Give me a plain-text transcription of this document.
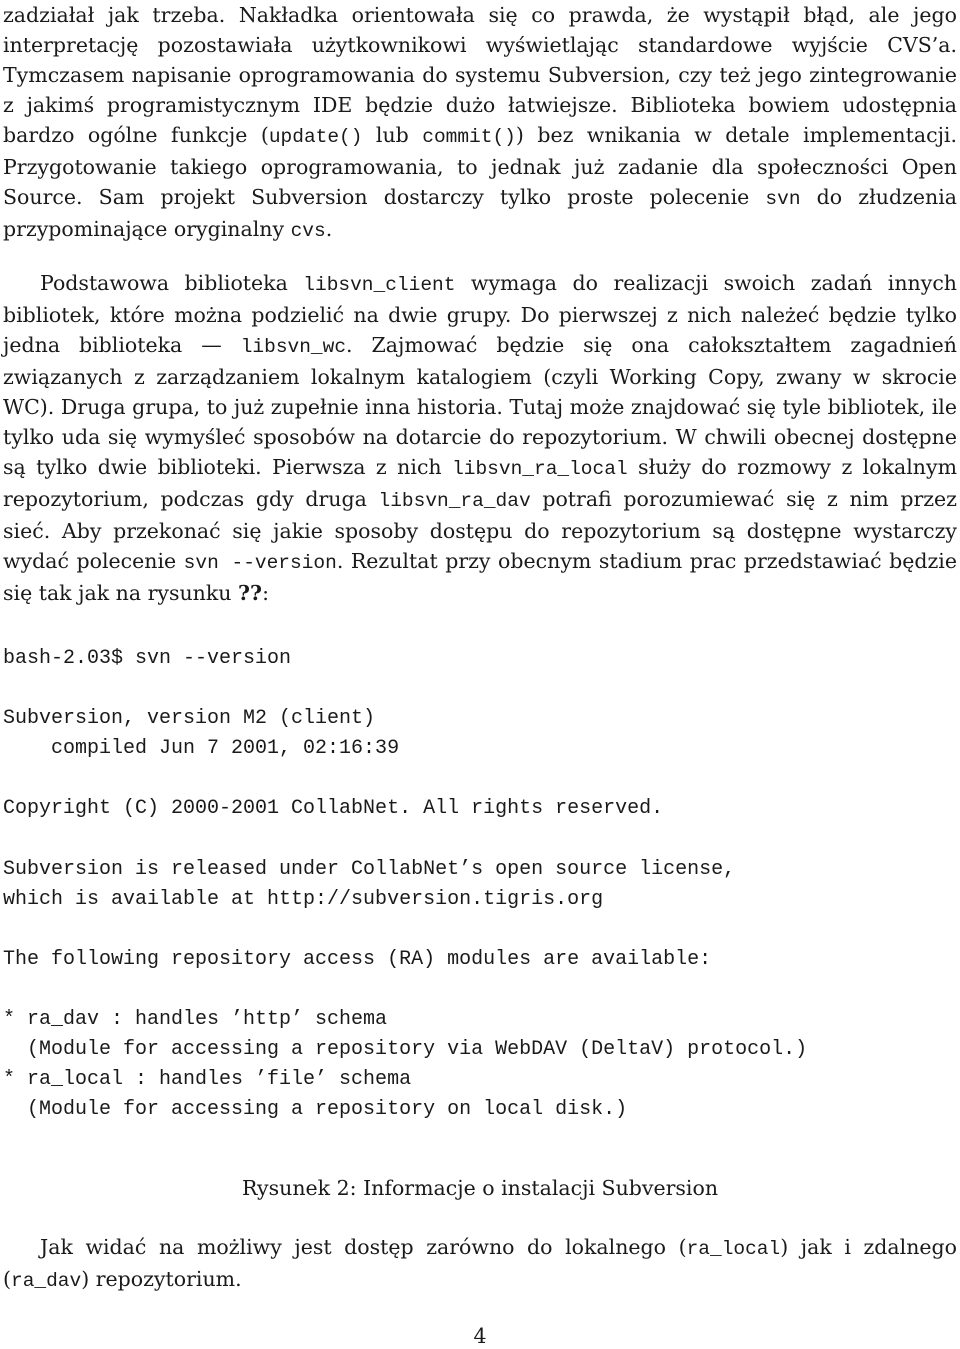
zadziałał jak trzeba. Nakładka orientowała się co prawda, że wystąpił błąd, ale jego interpretację pozostawiała użytkownikowi wyświetlając standardowe wyjście CVS’a. Tymczasem napisanie oprogramowania do systemu Subversion, czy też jego zintegrowanie z jakimś programistycznym IDE będzie dużo łatwiejsze. Biblioteka bowiem udostępnia bardzo ogólne funkcje (update() lub commit()) bez wnikania w detale implementacji. Przygotowanie takiego oprogramowania, to jednak już zadanie dla społeczności Open Source. Sam projekt Subversion dostarczy tylko proste polecenie svn do złudzenia przypominające oryginalny cvs.

Podstawowa biblioteka libsvn_client wymaga do realizacji swoich zadań innych bibliotek, które można podzielić na dwie grupy. Do pierwszej z nich należeć będzie tylko jedna biblioteka — libsvn_wc. Zajmować będzie się ona całokształtem zagadnień związanych z zarządzaniem lokalnym katalogiem (czyli Working Copy, zwany w skrocie WC). Druga grupa, to już zupełnie inna historia. Tutaj może znajdować się tyle bibliotek, ile tylko uda się wymyśleć sposobów na dotarcie do repozytorium. W chwili obecnej dostępne są tylko dwie biblioteki. Pierwsza z nich libsvn_ra_local służy do rozmowy z lokalnym repozytorium, podczas gdy druga libsvn_ra_dav potrafi porozumiewać się z nim przez sieć. Aby przekonać się jakie sposoby dostępu do repozytorium są dostępne wystarczy wydać polecenie svn --version. Rezultat przy obecnym stadium prac przedstawiać będzie się tak jak na rysunku ??:

bash-2.03$ svn --version

Subversion, version M2 (client)
compiled Jun 7 2001, 02:16:39

Copyright (C) 2000-2001 CollabNet. All rights reserved.

Subversion is released under CollabNet’s open source license,
which is available at http://subversion.tigris.org

The following repository access (RA) modules are available:

* ra_dav : handles ’http’ schema
(Module for accessing a repository via WebDAV (DeltaV) protocol.)
* ra_local : handles ’file’ schema
(Module for accessing a repository on local disk.)
Rysunek 2: Informacje o instalacji Subversion

Jak widać na możliwy jest dostęp zarówno do lokalnego (ra_local) jak i zdalnego (ra_dav) repozytorium.

4
